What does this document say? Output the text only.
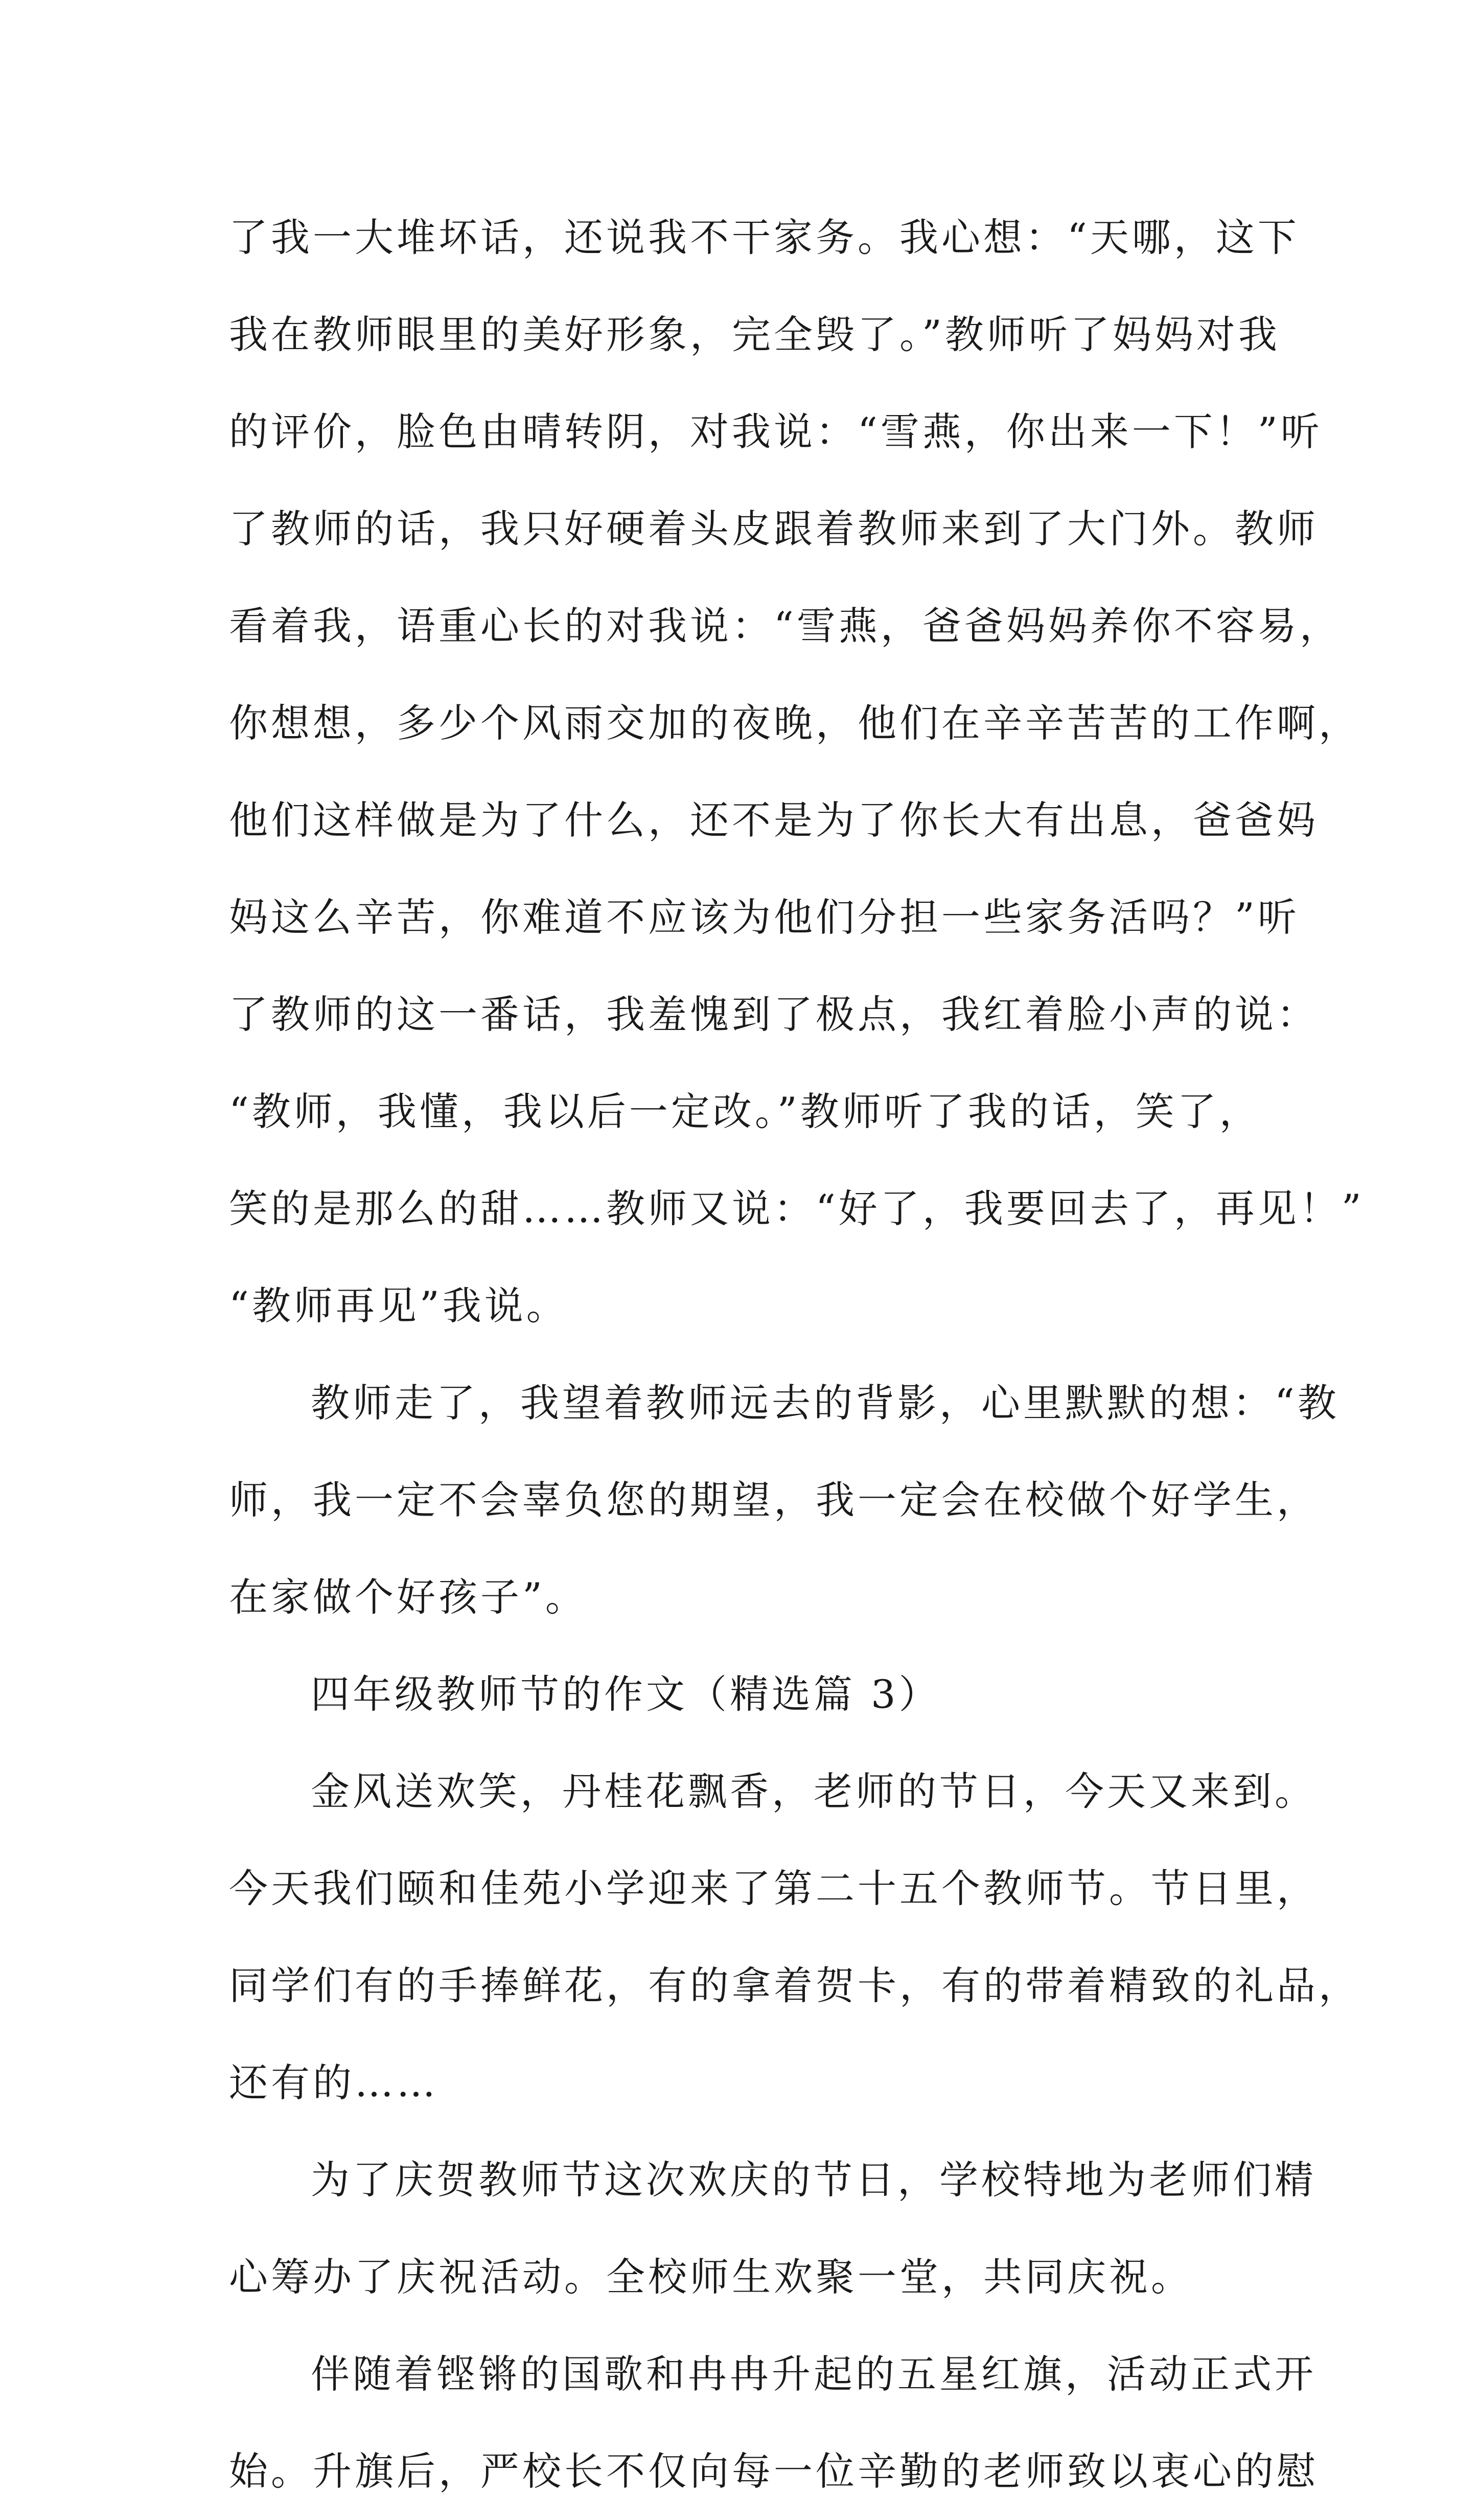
了我一大堆坏话，还说我不干家务。我心想：“天哪，这下
我在教师眼里的美好形象，完全毁了。”教师听了妈妈对我
的评价，脸色由晴转阴，对我说：“雪燕，你出来一下！”听
了教师的话，我只好硬着头皮跟着教师来到了大门外。教师
看着我，语重心长的对我说：“雪燕，爸爸妈妈养你不容易，
你想想，多少个风雨交加的夜晚，他们在辛辛苦苦的工作啊，
他们这样做是为了什么，还不是为了你长大有出息，爸爸妈
妈这么辛苦，你难道不应该为他们分担一些家务活吗？”听
了教师的这一番话，我羞愧到了极点，我红着脸小声的说：
“教师，我懂，我以后一定改。”教师听了我的话，笑了，
笑的是那么的甜……教师又说：“好了，我要回去了，再见！”
“教师再见”我说。
教师走了，我望着教师远去的背影，心里默默的想：“教
师，我一定不会辜负您的期望，我一定会在校做个好学生，
在家做个好孩子”。
四年级教师节的作文（精选篇 3）
金风送欢笑，丹桂花飘香，老师的节日，今天又来到。
今天我们颐和佳苑小学迎来了第二十五个教师节。节日里，
同学们有的手捧鲜花，有的拿着贺卡，有的带着精致的礼品，
还有的……
为了庆贺教师节这次欢庆的节日，学校特地为老师们精
心筹办了庆祝活动。全校师生欢聚一堂，共同庆祝。
伴随着铿锵的国歌和冉冉升起的五星红旗，活动正式开
始。升旗后，严校长不仅向每一位辛勤的老师致以衷心的慰
